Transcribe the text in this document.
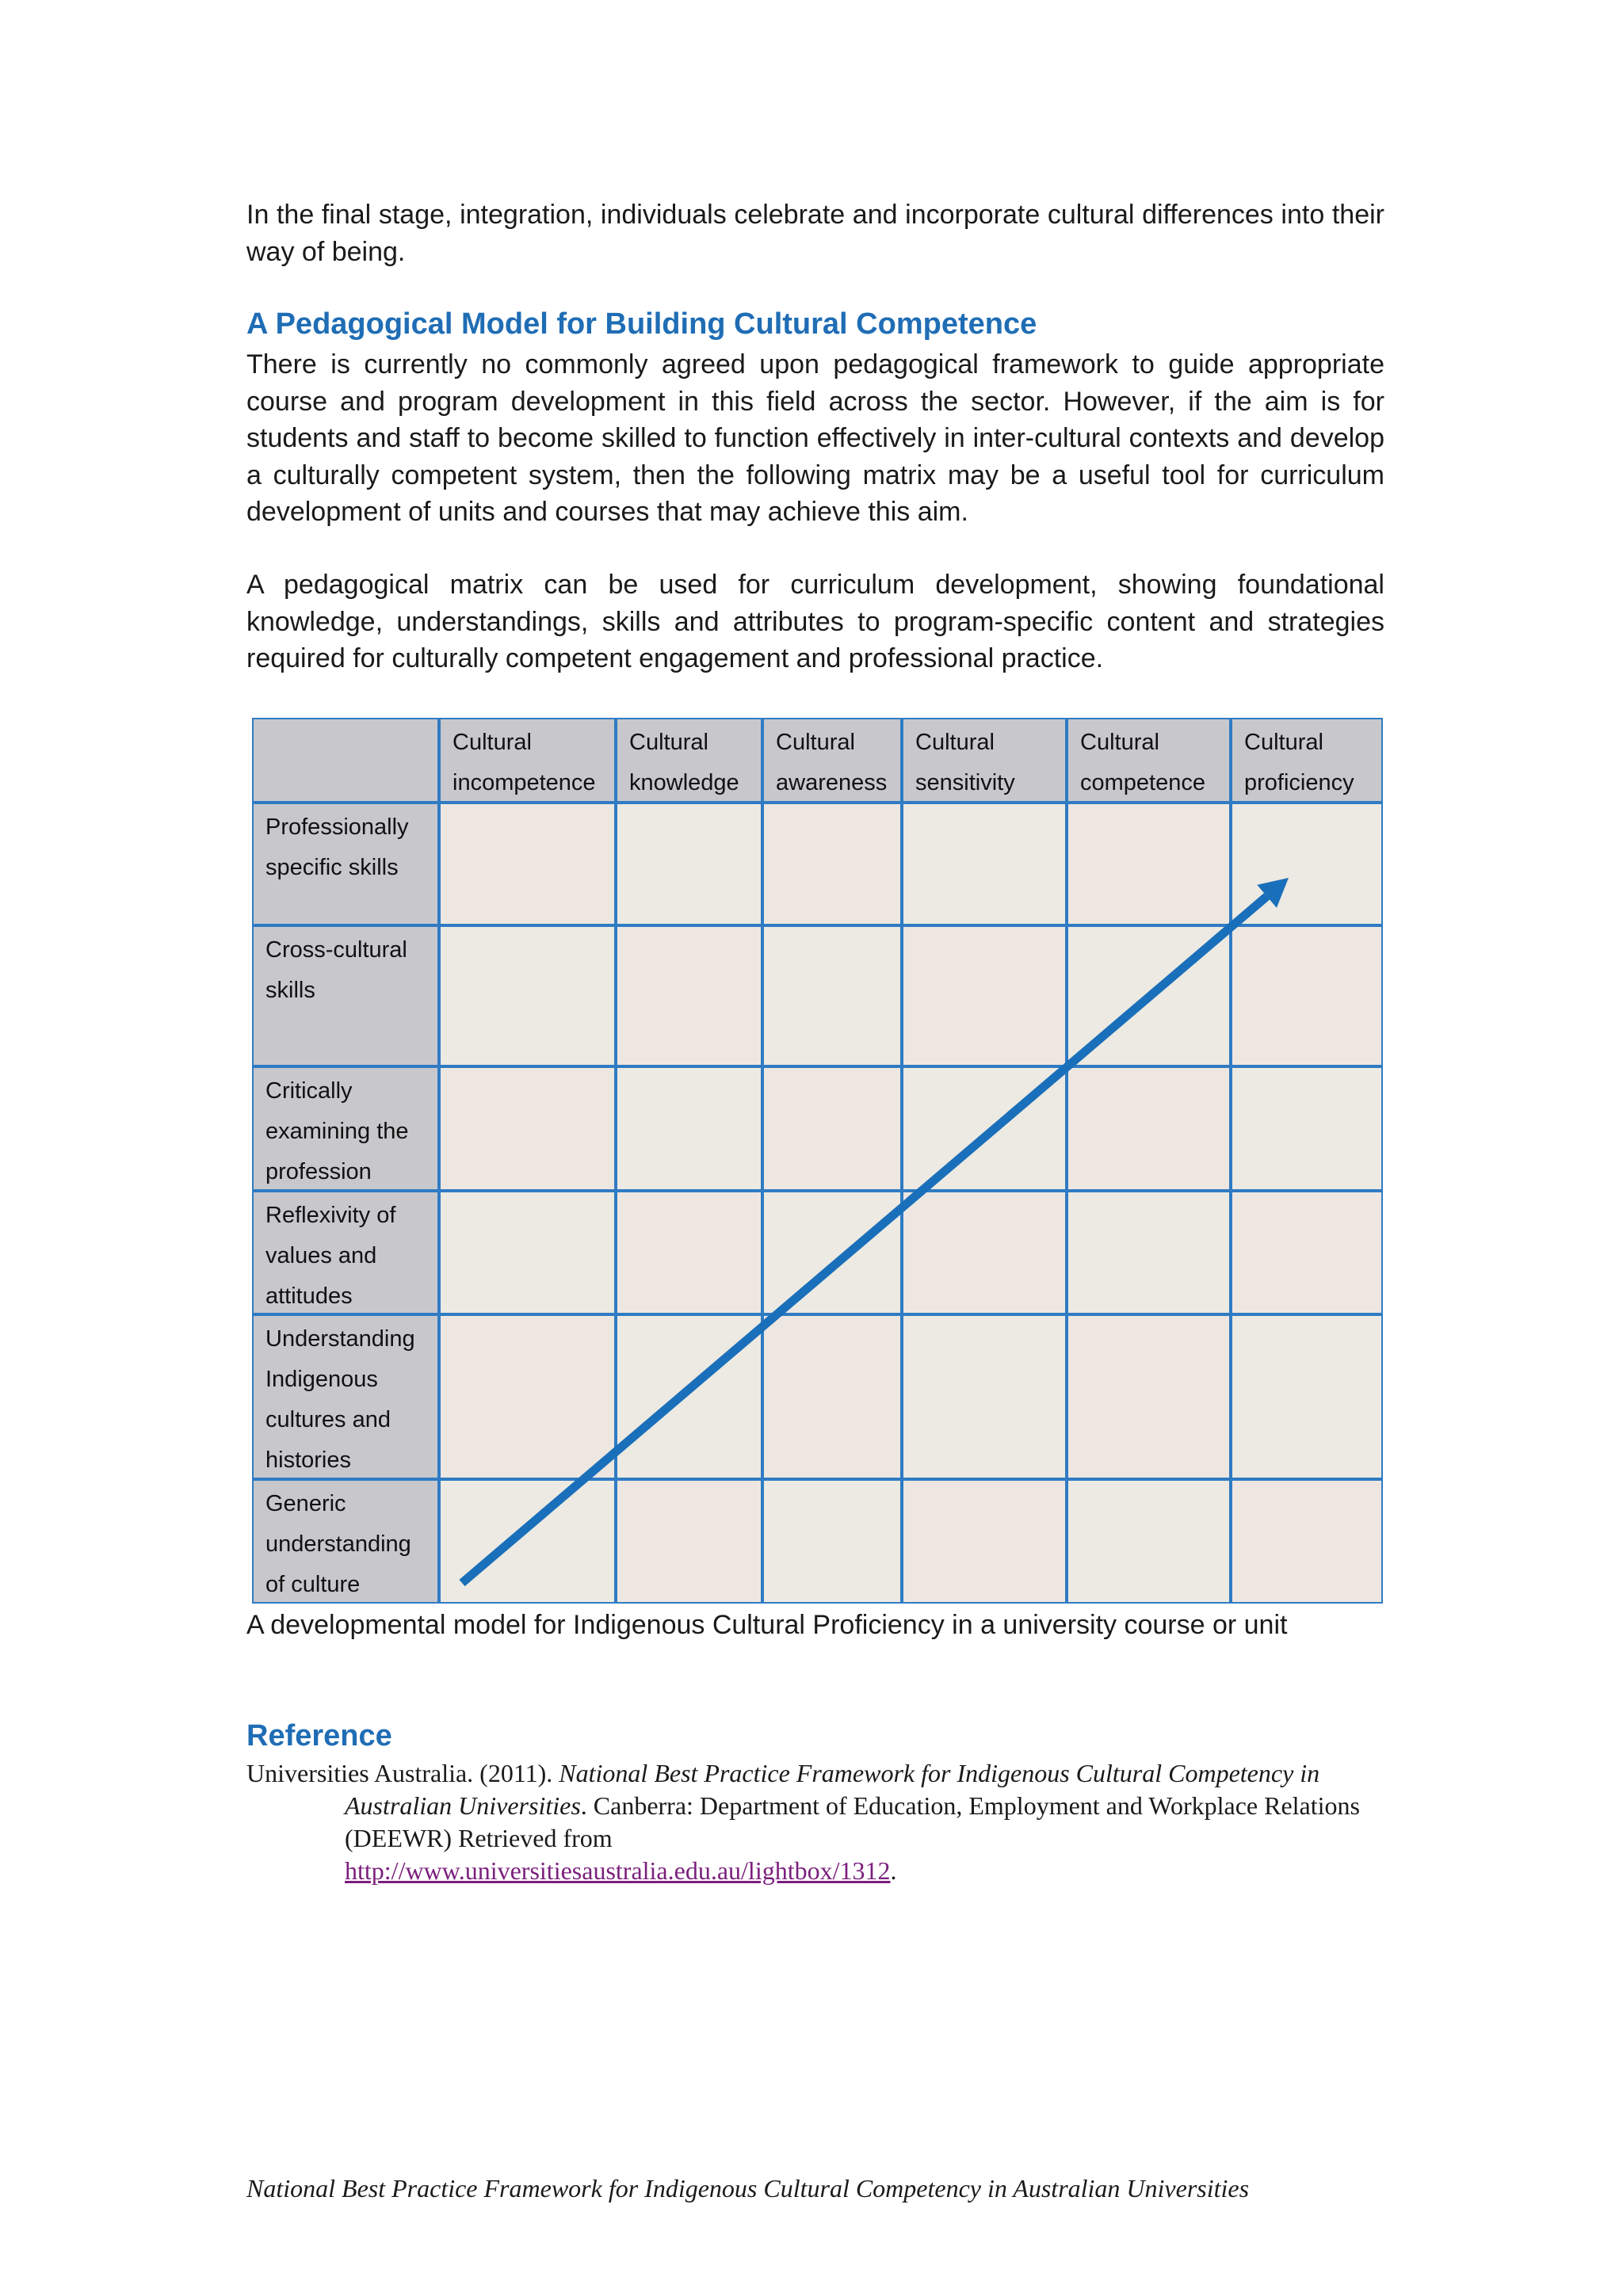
In the final stage, integration, individuals celebrate and incorporate cultural differences into their way of being.

A Pedagogical Model for Building Cultural Competence

There is currently no commonly agreed upon pedagogical framework to guide appropriate course and program development in this field across the sector. However, if the aim is for students and staff to become skilled to function effectively in inter-cultural contexts and develop a culturally competent system, then the following matrix may be a useful tool for curriculum development of units and courses that may achieve this aim.

A pedagogical matrix can be used for curriculum development, showing foundational knowledge, understandings, skills and attributes to program-specific content and strategies required for culturally competent engagement and professional practice.

Cultural incompetence
Cultural knowledge
Cultural awareness
Cultural sensitivity
Cultural competence
Cultural proficiency
Professionally specific skills
Cross-cultural skills
Critically examining the profession
Reflexivity of values and attitudes
Understanding Indigenous cultures and histories
Generic understanding of culture

A developmental model for Indigenous Cultural Proficiency in a university course or unit

Reference

Universities Australia. (2011). National Best Practice Framework for Indigenous Cultural Competency in Australian Universities. Canberra: Department of Education, Employment and Workplace Relations (DEEWR) Retrieved from
http://www.universitiesaustralia.edu.au/lightbox/1312.

National Best Practice Framework for Indigenous Cultural Competency in Australian Universities
